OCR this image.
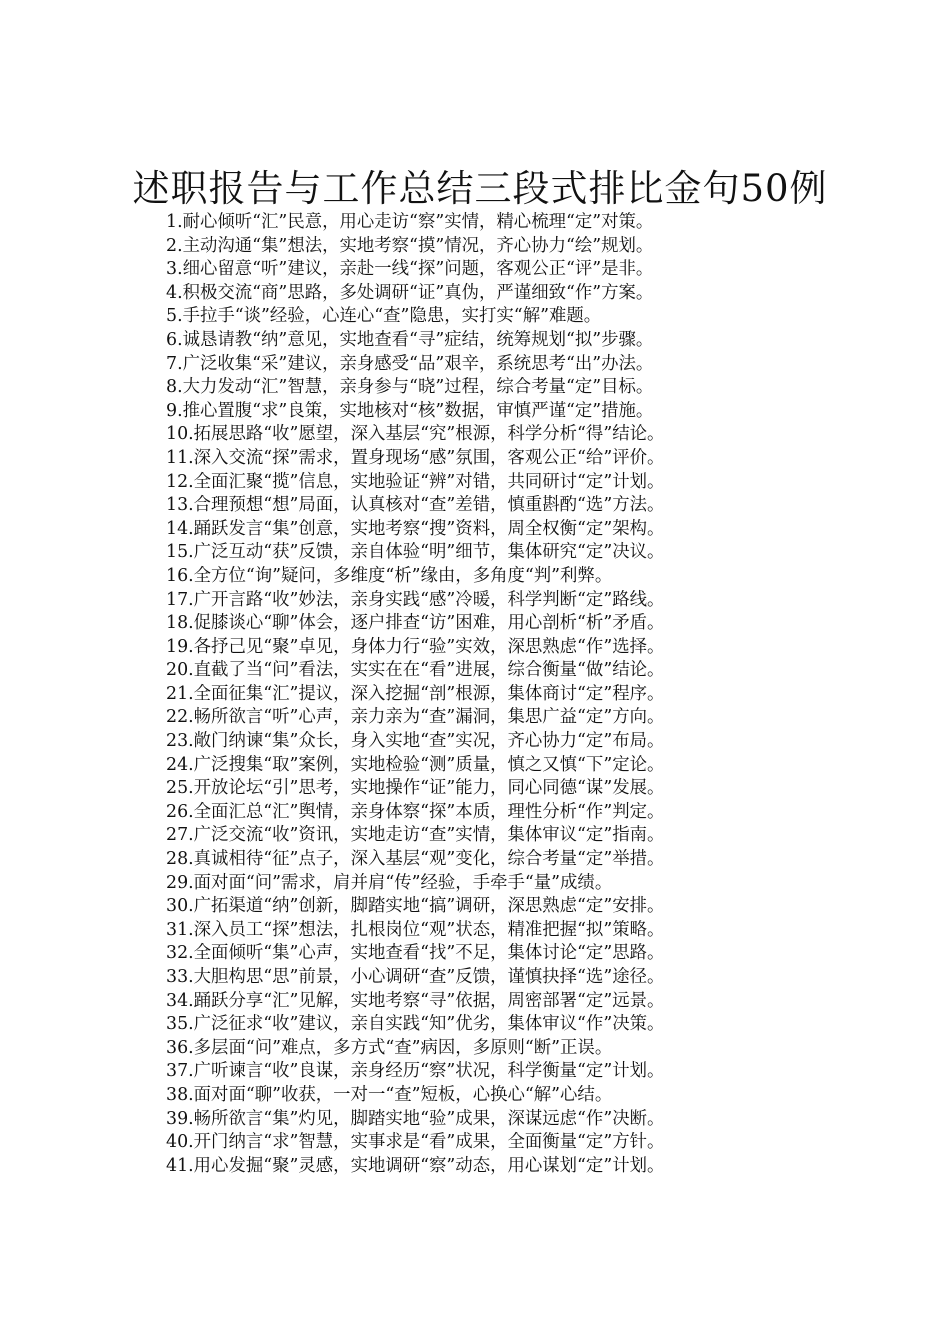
述职报告与工作总结三段式排比金句50例
1.耐心倾听“汇”民意，用心走访“察”实情，精心梳理“定”对策。
2.主动沟通“集”想法，实地考察“摸”情况，齐心协力“绘”规划。
3.细心留意“听”建议，亲赴一线“探”问题，客观公正“评”是非。
4.积极交流“商”思路，多处调研“证”真伪，严谨细致“作”方案。
5.手拉手“谈”经验，心连心“查”隐患，实打实“解”难题。
6.诚恳请教“纳”意见，实地查看“寻”症结，统筹规划“拟”步骤。
7.广泛收集“采”建议，亲身感受“品”艰辛，系统思考“出”办法。
8.大力发动“汇”智慧，亲身参与“晓”过程，综合考量“定”目标。
9.推心置腹“求”良策，实地核对“核”数据，审慎严谨“定”措施。
10.拓展思路“收”愿望，深入基层“究”根源，科学分析“得”结论。
11.深入交流“探”需求，置身现场“感”氛围，客观公正“给”评价。
12.全面汇聚“揽”信息，实地验证“辨”对错，共同研讨“定”计划。
13.合理预想“想”局面，认真核对“查”差错，慎重斟酌“选”方法。
14.踊跃发言“集”创意，实地考察“搜”资料，周全权衡“定”架构。
15.广泛互动“获”反馈，亲自体验“明”细节，集体研究“定”决议。
16.全方位“询”疑问，多维度“析”缘由，多角度“判”利弊。
17.广开言路“收”妙法，亲身实践“感”冷暖，科学判断“定”路线。
18.促膝谈心“聊”体会，逐户排查“访”困难，用心剖析“析”矛盾。
19.各抒己见“聚”卓见，身体力行“验”实效，深思熟虑“作”选择。
20.直截了当“问”看法，实实在在“看”进展，综合衡量“做”结论。
21.全面征集“汇”提议，深入挖掘“剖”根源，集体商讨“定”程序。
22.畅所欲言“听”心声，亲力亲为“查”漏洞，集思广益“定”方向。
23.敞门纳谏“集”众长，身入实地“查”实况，齐心协力“定”布局。
24.广泛搜集“取”案例，实地检验“测”质量，慎之又慎“下”定论。
25.开放论坛“引”思考，实地操作“证”能力，同心同德“谋”发展。
26.全面汇总“汇”舆情，亲身体察“探”本质，理性分析“作”判定。
27.广泛交流“收”资讯，实地走访“查”实情，集体审议“定”指南。
28.真诚相待“征”点子，深入基层“观”变化，综合考量“定”举措。
29.面对面“问”需求，肩并肩“传”经验，手牵手“量”成绩。
30.广拓渠道“纳”创新，脚踏实地“搞”调研，深思熟虑“定”安排。
31.深入员工“探”想法，扎根岗位“观”状态，精准把握“拟”策略。
32.全面倾听“集”心声，实地查看“找”不足，集体讨论“定”思路。
33.大胆构思“思”前景，小心调研“查”反馈，谨慎抉择“选”途径。
34.踊跃分享“汇”见解，实地考察“寻”依据，周密部署“定”远景。
35.广泛征求“收”建议，亲自实践“知”优劣，集体审议“作”决策。
36.多层面“问”难点，多方式“查”病因，多原则“断”正误。
37.广听谏言“收”良谋，亲身经历“察”状况，科学衡量“定”计划。
38.面对面“聊”收获，一对一“查”短板，心换心“解”心结。
39.畅所欲言“集”灼见，脚踏实地“验”成果，深谋远虑“作”决断。
40.开门纳言“求”智慧，实事求是“看”成果，全面衡量“定”方针。
41.用心发掘“聚”灵感，实地调研“察”动态，用心谋划“定”计划。
